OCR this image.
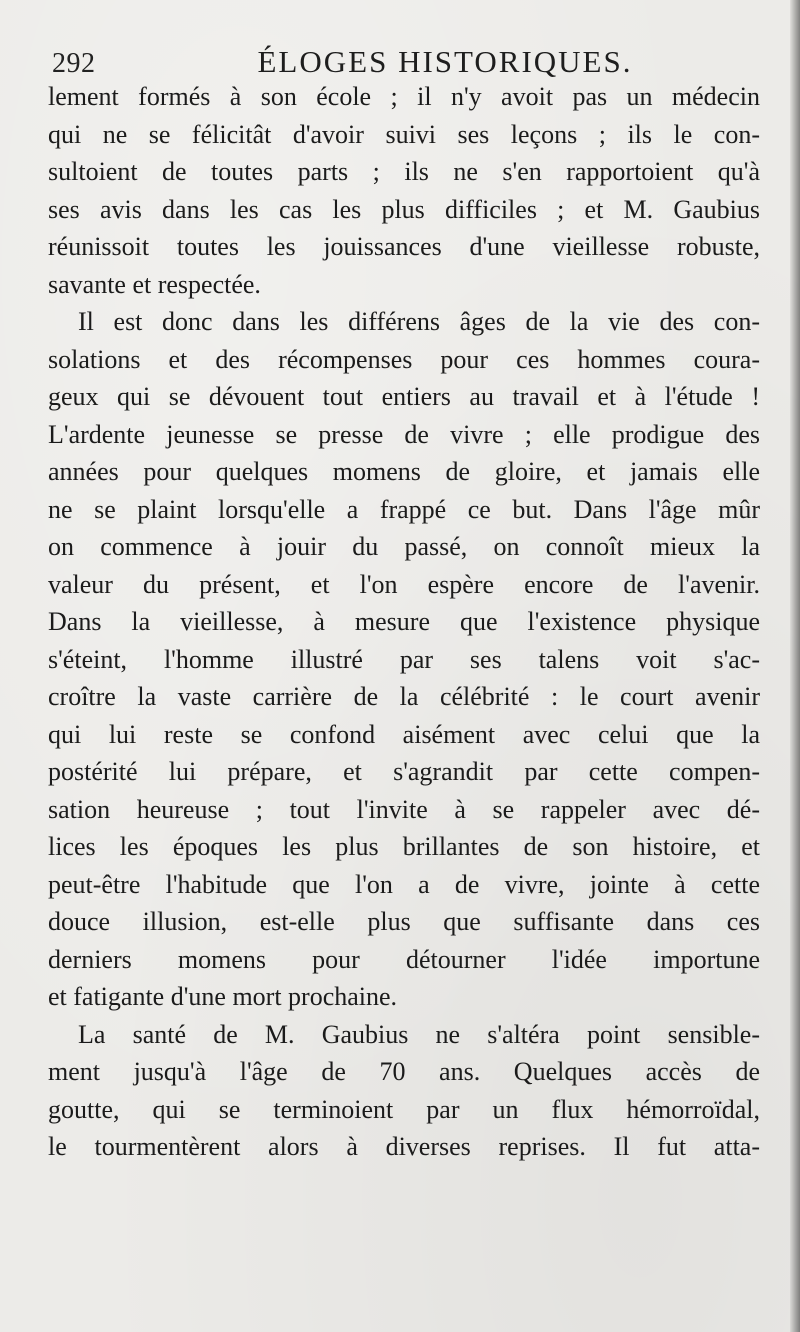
292	ÉLOGES HISTORIQUES.
lement formés à son école ; il n'y avoit pas un médecin
qui ne se félicitât d'avoir suivi ses leçons ; ils le con-
sultoient de toutes parts ; ils ne s'en rapportoient qu'à
ses avis dans les cas les plus difficiles ; et M. Gaubius
réunissoit toutes les jouissances d'une vieillesse robuste,
savante et respectée.
Il est donc dans les différens âges de la vie des con-
solations et des récompenses pour ces hommes coura-
geux qui se dévouent tout entiers au travail et à l'étude !
L'ardente jeunesse se presse de vivre ; elle prodigue des
années pour quelques momens de gloire, et jamais elle
ne se plaint lorsqu'elle a frappé ce but. Dans l'âge mûr
on commence à jouir du passé, on connoît mieux la
valeur du présent, et l'on espère encore de l'avenir.
Dans la vieillesse, à mesure que l'existence physique
s'éteint, l'homme illustré par ses talens voit s'ac-
croître la vaste carrière de la célébrité : le court avenir
qui lui reste se confond aisément avec celui que la
postérité lui prépare, et s'agrandit par cette compen-
sation heureuse ; tout l'invite à se rappeler avec dé-
lices les époques les plus brillantes de son histoire, et
peut-être l'habitude que l'on a de vivre, jointe à cette
douce illusion, est-elle plus que suffisante dans ces
derniers momens pour détourner l'idée importune
et fatigante d'une mort prochaine.
La santé de M. Gaubius ne s'altéra point sensible-
ment jusqu'à l'âge de 70 ans. Quelques accès de
goutte, qui se terminoient par un flux hémorroïdal,
le tourmentèrent alors à diverses reprises. Il fut atta-
